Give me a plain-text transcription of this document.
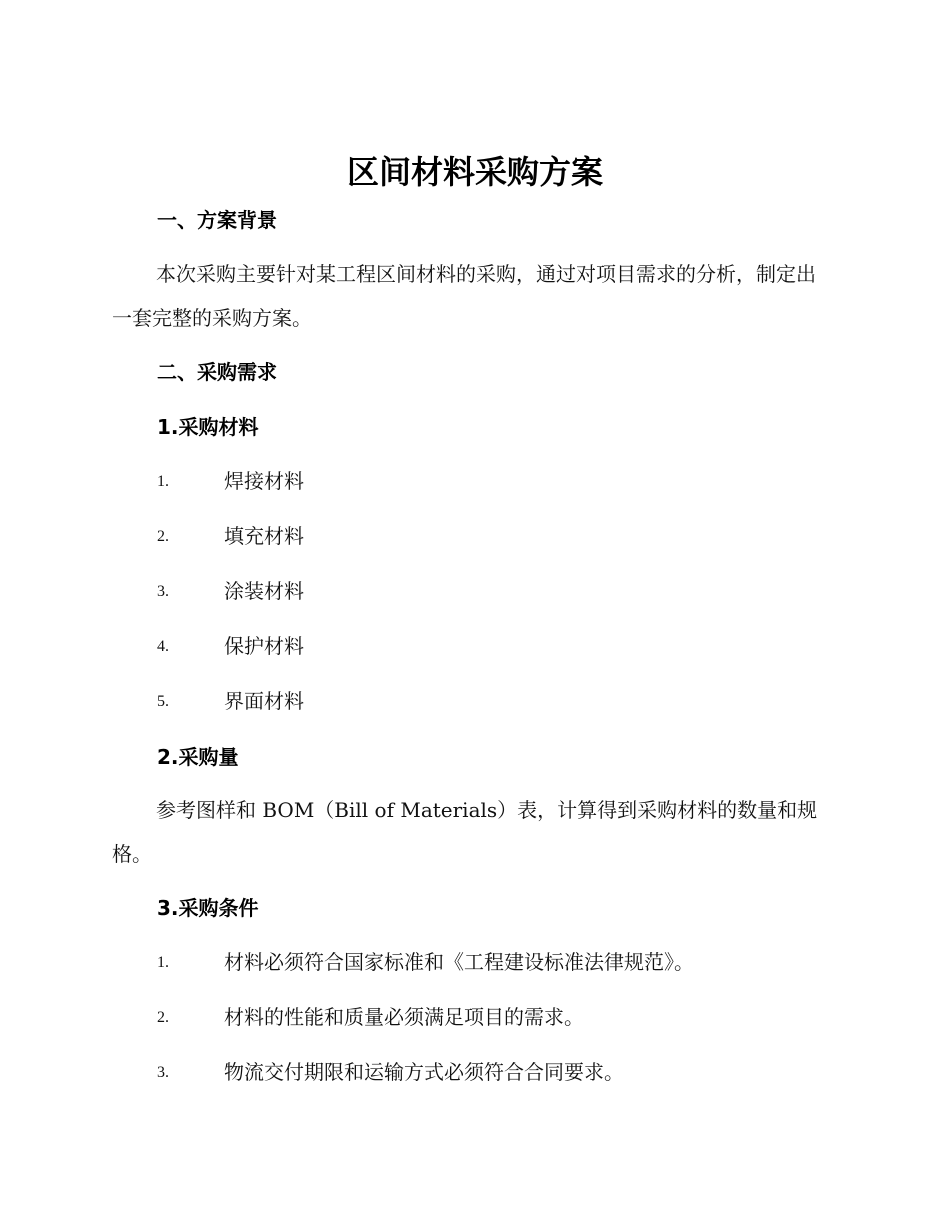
区间材料采购方案
一、方案背景

本次采购主要针对某工程区间材料的采购，通过对项目需求的分析，制定出一套完整的采购方案。

二、采购需求
1.采购材料
1.	焊接材料
2.	填充材料
3.	涂装材料
4.	保护材料
5.	界面材料
2.采购量

参考图样和 BOM（Bill of Materials）表，计算得到采购材料的数量和规格。

3.采购条件
1.	材料必须符合国家标准和《工程建设标准法律规范》。
2.	材料的性能和质量必须满足项目的需求。
3.	物流交付期限和运输方式必须符合合同要求。
